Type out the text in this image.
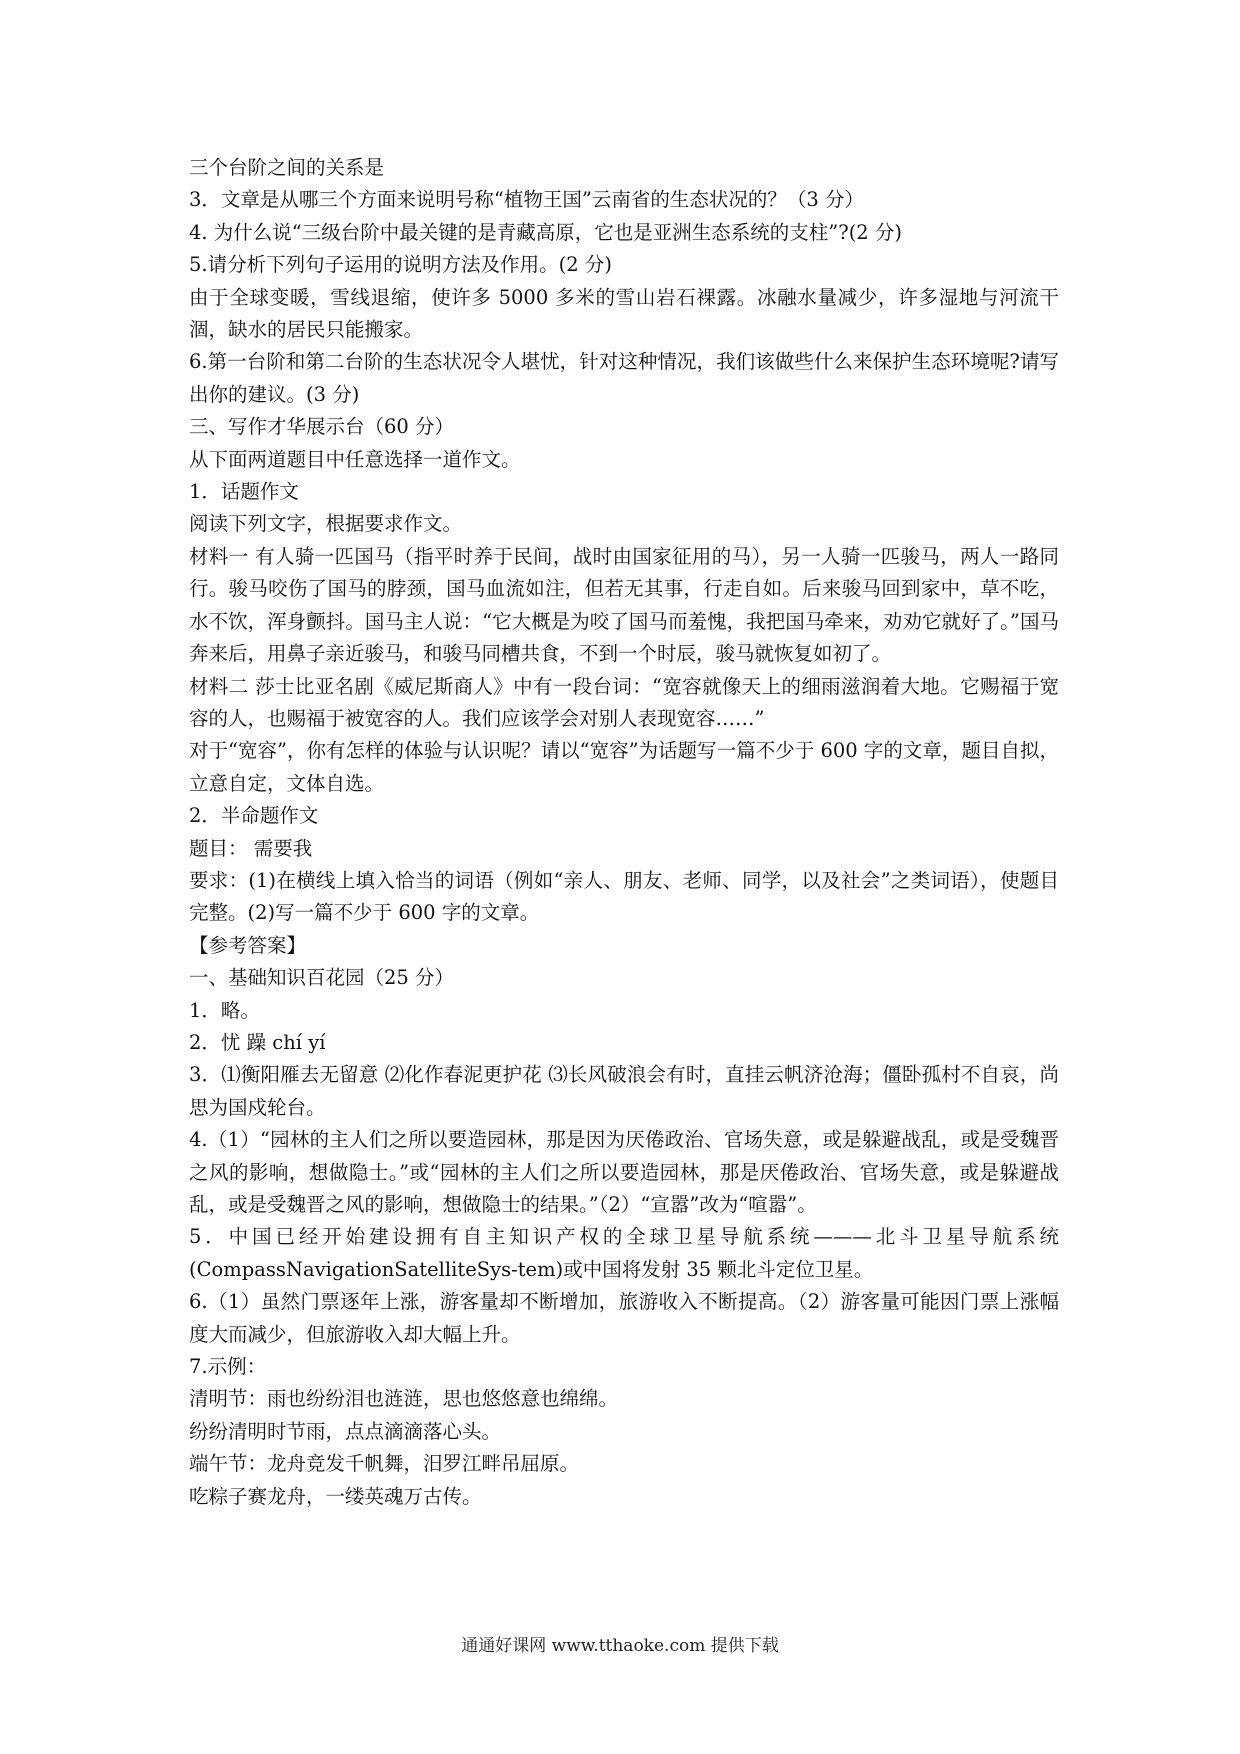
三个台阶之间的关系是

3．文章是从哪三个方面来说明号称“植物王国”云南省的生态状况的？（3 分）

4. 为什么说“三级台阶中最关键的是青藏高原，它也是亚洲生态系统的支柱”?(2 分)

5.请分析下列句子运用的说明方法及作用。(2 分)

由于全球变暖，雪线退缩，使许多 5000 多米的雪山岩石裸露。冰融水量减少，许多湿地与河流干涸，缺水的居民只能搬家。

6.第一台阶和第二台阶的生态状况令人堪忧，针对这种情况，我们该做些什么来保护生态环境呢?请写出你的建议。(3 分)

三、写作才华展示台（60 分）

从下面两道题目中任意选择一道作文。

1．话题作文

阅读下列文字，根据要求作文。

材料一 有人骑一匹国马（指平时养于民间，战时由国家征用的马），另一人骑一匹骏马，两人一路同行。骏马咬伤了国马的脖颈，国马血流如注，但若无其事，行走自如。后来骏马回到家中，草不吃，水不饮，浑身颤抖。国马主人说：“它大概是为咬了国马而羞愧，我把国马牵来，劝劝它就好了。”国马奔来后，用鼻子亲近骏马，和骏马同槽共食，不到一个时辰，骏马就恢复如初了。

材料二 莎士比亚名剧《威尼斯商人》中有一段台词：“宽容就像天上的细雨滋润着大地。它赐福于宽容的人，也赐福于被宽容的人。我们应该学会对别人表现宽容……”

对于“宽容”，你有怎样的体验与认识呢？请以“宽容”为话题写一篇不少于 600 字的文章，题目自拟，立意自定，文体自选。

2．半命题作文

题目： 需要我

要求：(1)在横线上填入恰当的词语（例如“亲人、朋友、老师、同学，以及社会”之类词语），使题目完整。(2)写一篇不少于 600 字的文章。

【参考答案】

一、基础知识百花园（25 分）

1．略。

2．忧 躁 chí yí

3．⑴衡阳雁去无留意 ⑵化作春泥更护花 ⑶长风破浪会有时，直挂云帆济沧海；僵卧孤村不自哀，尚思为国戍轮台。

4.（1）“园林的主人们之所以要造园林，那是因为厌倦政治、官场失意，或是躲避战乱，或是受魏晋之风的影响，想做隐士。”或“园林的主人们之所以要造园林，那是厌倦政治、官场失意，或是躲避战乱，或是受魏晋之风的影响，想做隐士的结果。”（2）“宣嚣”改为“喧嚣”。

5．中国已经开始建设拥有自主知识产权的全球卫星导航系统———北斗卫星导航系统(CompassNavigationSatelliteSys-tem)或中国将发射 35 颗北斗定位卫星。

6.（1）虽然门票逐年上涨，游客量却不断增加，旅游收入不断提高。（2）游客量可能因门票上涨幅度大而减少，但旅游收入却大幅上升。

7.示例：

清明节：雨也纷纷泪也涟涟，思也悠悠意也绵绵。

纷纷清明时节雨，点点滴滴落心头。

端午节：龙舟竞发千帆舞，汨罗江畔吊屈原。

吃粽子赛龙舟，一缕英魂万古传。

通通好课网 www.tthaoke.com 提供下载
